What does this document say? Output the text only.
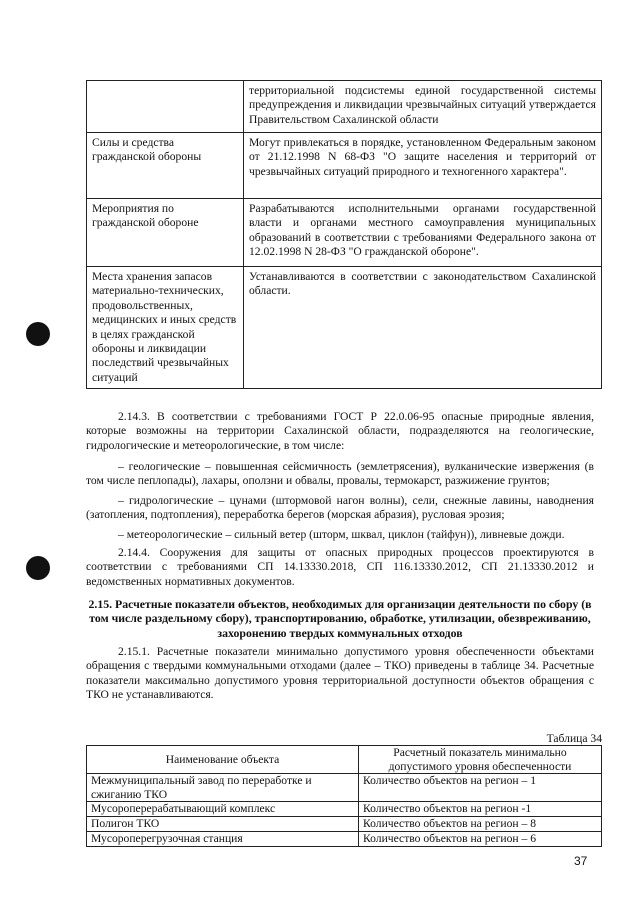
	территориальной подсистемы единой государственной системы предупреждения и ликвидации чрезвычайных ситуаций утверждается Правительством Сахалинской области
Силы и средства гражданской обороны	Могут привлекаться в порядке, установленном Федеральным законом от 21.12.1998 N 68-ФЗ "О защите населения и территорий от чрезвычайных ситуаций природного и техногенного характера".
Мероприятия по гражданской обороне	Разрабатываются исполнительными органами государственной власти и органами местного самоуправления муниципальных образований в соответствии с требованиями Федерального закона от 12.02.1998 N 28-ФЗ "О гражданской обороне".
Места хранения запасов материально-технических, продовольственных, медицинских и иных средств в целях гражданской обороны и ликвидации последствий чрезвычайных ситуаций	Устанавливаются в соответствии с законодательством Сахалинской области.

2.14.3. В соответствии с требованиями ГОСТ Р 22.0.06-95 опасные природные явления, которые возможны на территории Сахалинской области, подразделяются на геологические, гидрологические и метеорологические, в том числе:

– геологические – повышенная сейсмичность (землетрясения), вулканические извержения (в том числе пеплопады), лахары, оползни и обвалы, провалы, термокарст, разжижение грунтов;

– гидрологические – цунами (штормовой нагон волны), сели, снежные лавины, наводнения (затопления, подтопления), переработка берегов (морская абразия), русловая эрозия;

– метеорологические – сильный ветер (шторм, шквал, циклон (тайфун)), ливневые дожди.

2.14.4. Сооружения для защиты от опасных природных процессов проектируются в соответствии с требованиями СП 14.13330.2018, СП 116.13330.2012, СП 21.13330.2012 и ведомственных нормативных документов.

2.15. Расчетные показатели объектов, необходимых для организации деятельности по сбору (в том числе раздельному сбору), транспортированию, обработке, утилизации, обезвреживанию, захоронению твердых коммунальных отходов

2.15.1. Расчетные показатели минимально допустимого уровня обеспеченности объектами обращения с твердыми коммунальными отходами (далее – ТКО) приведены в таблице 34. Расчетные показатели максимально допустимого уровня территориальной доступности объектов обращения с ТКО не устанавливаются.

Таблица 34
Наименование объекта	Расчетный показатель минимально допустимого уровня обеспеченности
Межмуниципальный завод по переработке и сжиганию ТКО	Количество объектов на регион – 1
Мусороперерабатывающий комплекс	Количество объектов на регион -1
Полигон ТКО	Количество объектов на регион – 8
Мусороперегрузочная станция	Количество объектов на регион – 6
37
